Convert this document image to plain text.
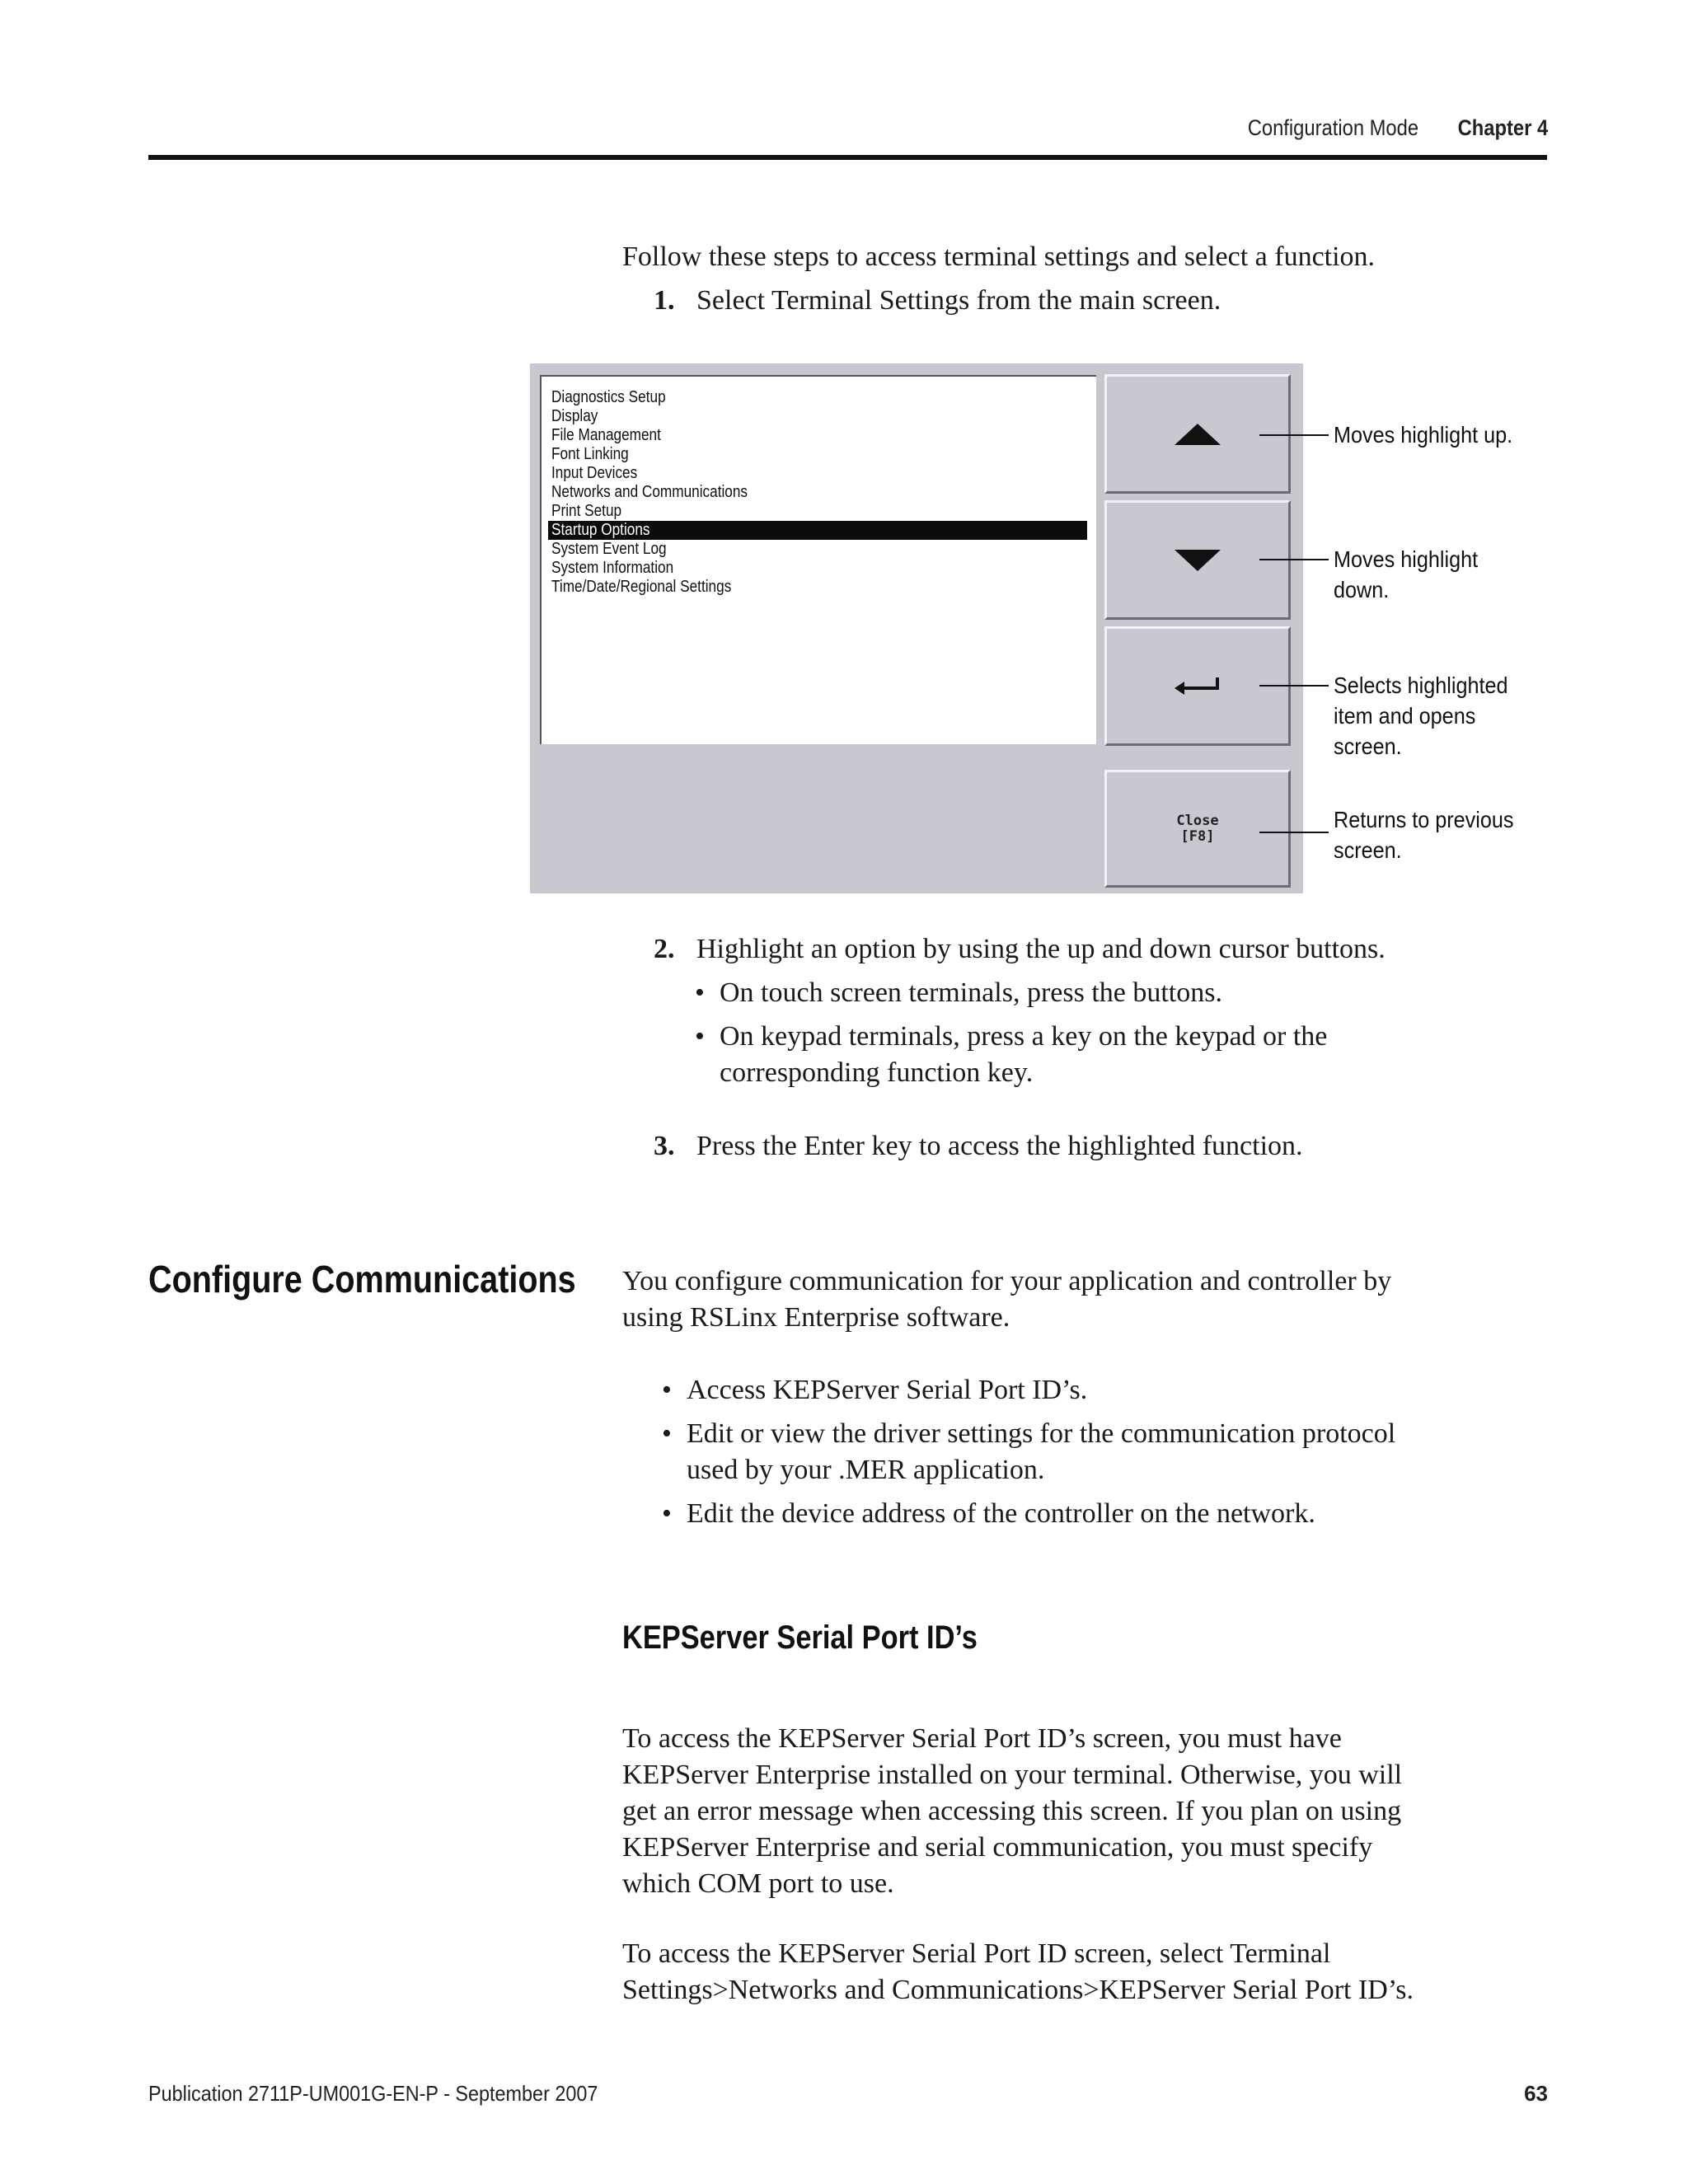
Configuration Mode Chapter 4
Follow these steps to access terminal settings and select a function.
1. Select Terminal Settings from the main screen.
Diagnostics Setup
Display
File Management
Font Linking
Input Devices
Networks and Communications
Print Setup
Startup Options
System Event Log
System Information
Time/Date/Regional Settings
Close
[F8]
Moves highlight up.
Moves highlight
down.
Selects highlighted
item and opens
screen.
Returns to previous
screen.
2. Highlight an option by using the up and down cursor buttons.
• On touch screen terminals, press the buttons.
• On keypad terminals, press a key on the keypad or the
corresponding function key.
3. Press the Enter key to access the highlighted function.
Configure Communications You configure communication for your application and controller by
using RSLinx Enterprise software.
• Access KEPServer Serial Port ID’s.
• Edit or view the driver settings for the communication protocol
used by your .MER application.
• Edit the device address of the controller on the network.
KEPServer Serial Port ID’s
To access the KEPServer Serial Port ID’s screen, you must have
KEPServer Enterprise installed on your terminal. Otherwise, you will
get an error message when accessing this screen. If you plan on using
KEPServer Enterprise and serial communication, you must specify
which COM port to use.
To access the KEPServer Serial Port ID screen, select Terminal
Settings>Networks and Communications>KEPServer Serial Port ID’s.
Publication 2711P-UM001G-EN-P - September 2007	63
